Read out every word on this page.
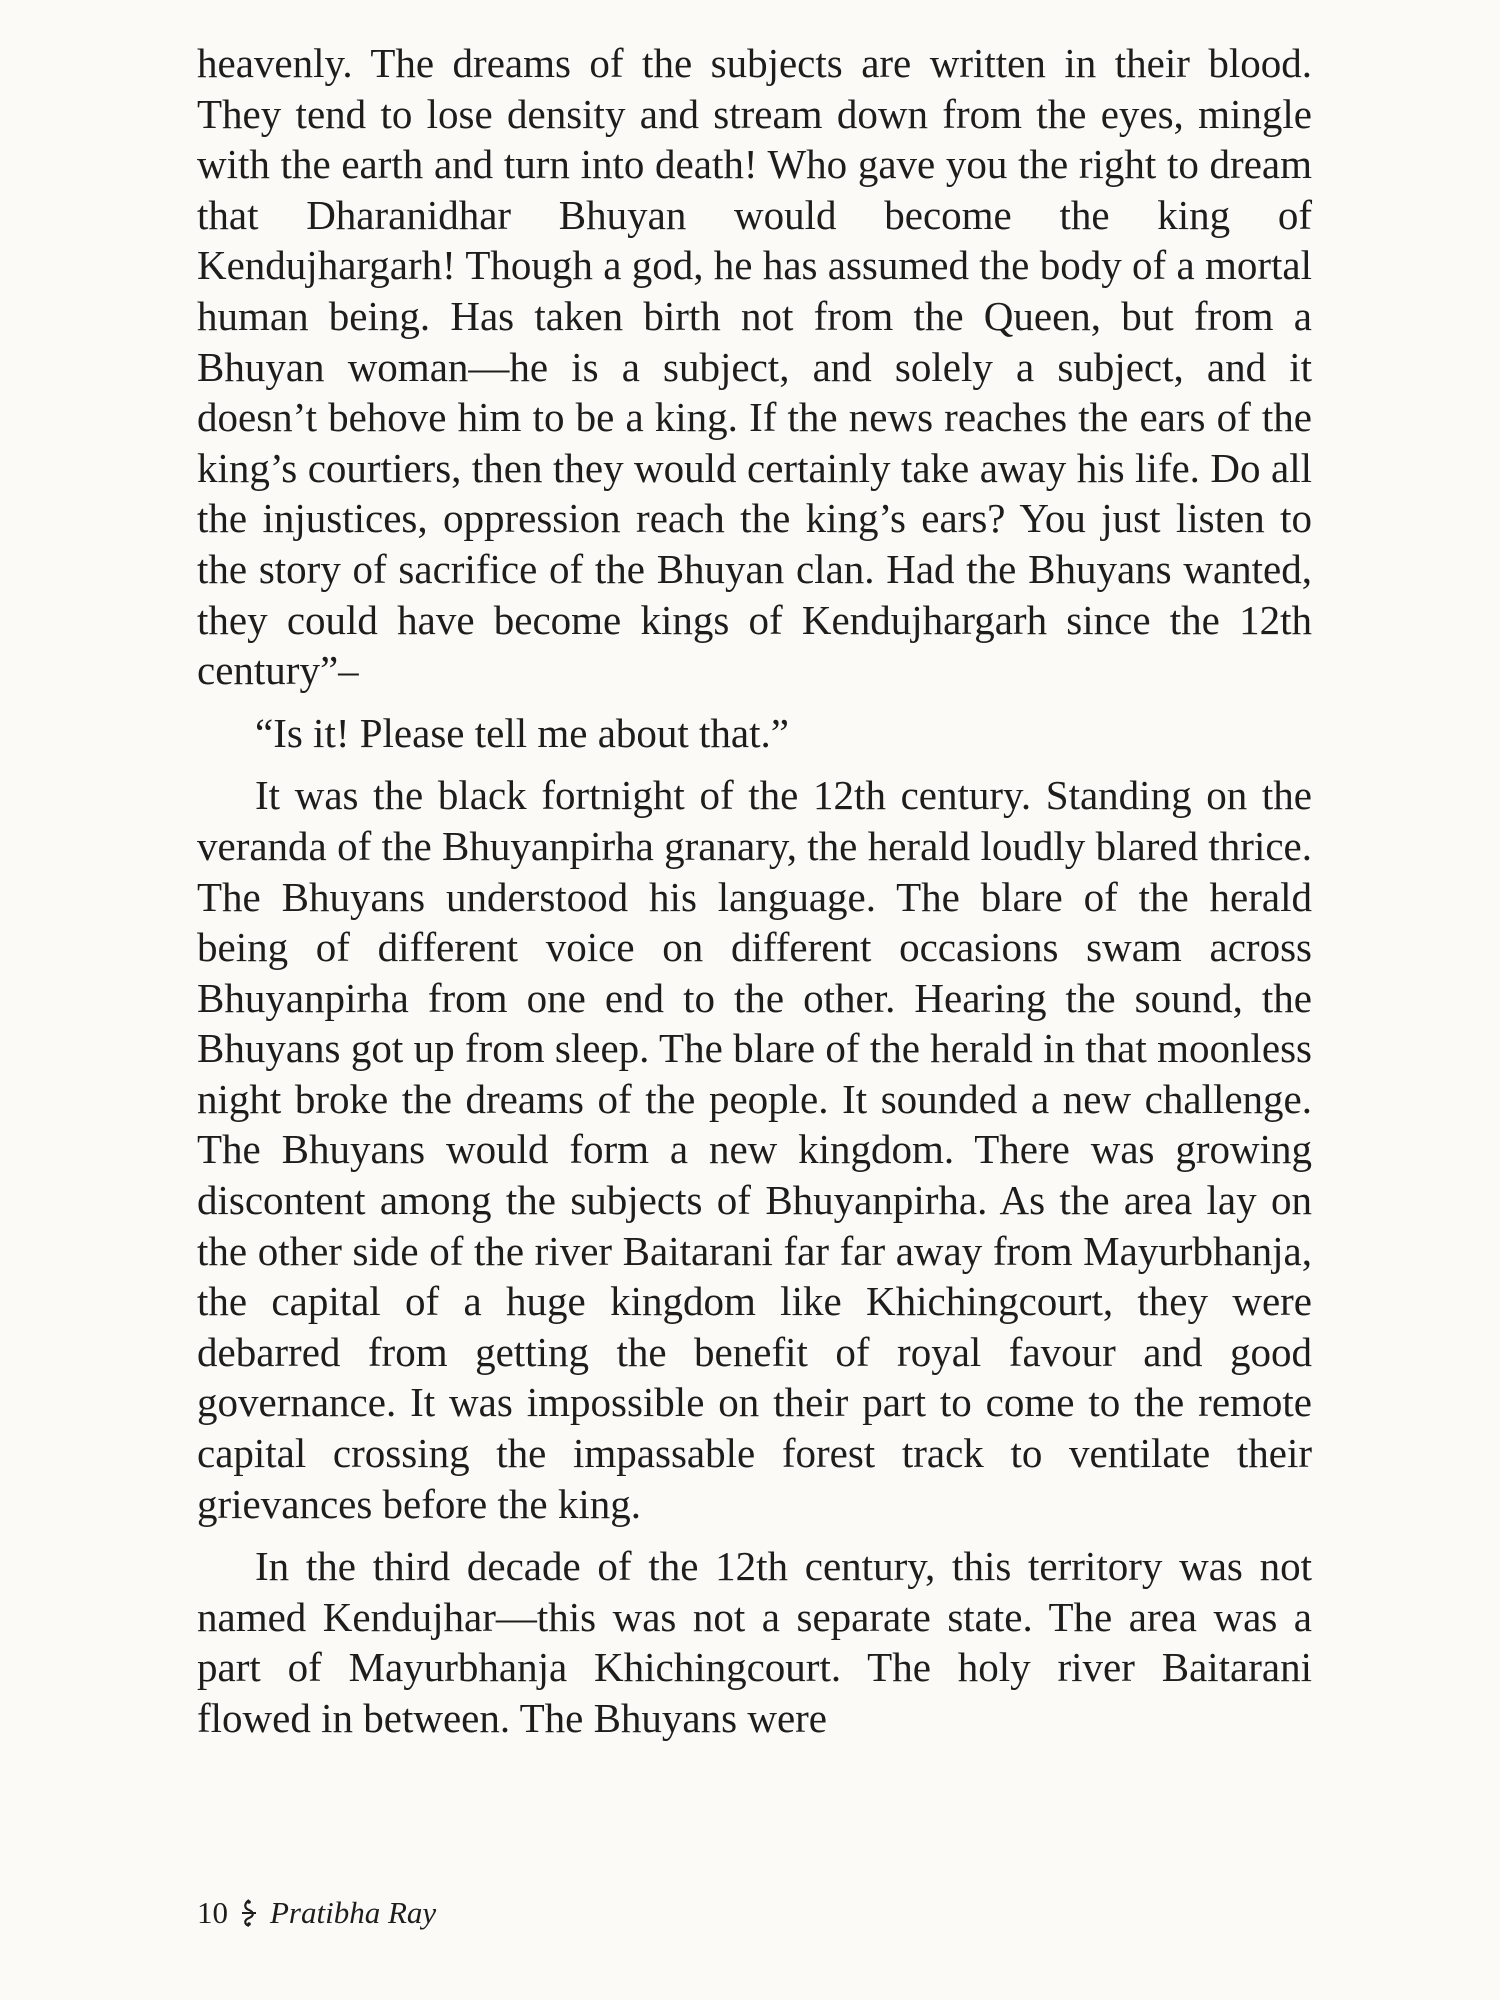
heavenly. The dreams of the subjects are written in their blood. They tend to lose density and stream down from the eyes, mingle with the earth and turn into death! Who gave you the right to dream that Dharanidhar Bhuyan would become the king of Kendujhargarh! Though a god, he has assumed the body of a mortal human being. Has taken birth not from the Queen, but from a Bhuyan woman—he is a subject, and solely a subject, and it doesn’t behove him to be a king. If the news reaches the ears of the king’s courtiers, then they would certainly take away his life. Do all the injustices, oppression reach the king’s ears? You just listen to the story of sacrifice of the Bhuyan clan. Had the Bhuyans wanted, they could have become kings of Kendujhargarh since the 12th century”–

“Is it! Please tell me about that.”

It was the black fortnight of the 12th century. Standing on the veranda of the Bhuyanpirha granary, the herald loudly blared thrice. The Bhuyans understood his language. The blare of the herald being of different voice on different occasions swam across Bhuyanpirha from one end to the other. Hearing the sound, the Bhuyans got up from sleep. The blare of the herald in that moonless night broke the dreams of the people. It sounded a new challenge. The Bhuyans would form a new kingdom. There was growing discontent among the subjects of Bhuyanpirha. As the area lay on the other side of the river Baitarani far far away from Mayurbhanja, the capital of a huge kingdom like Khichingcourt, they were debarred from getting the benefit of royal favour and good governance. It was impossible on their part to come to the remote capital crossing the impassable forest track to ventilate their grievances before the king.

In the third decade of the 12th century, this territory was not named Kendujhar—this was not a separate state. The area was a part of Mayurbhanja Khichingcourt. The holy river Baitarani flowed in between. The Bhuyans were

10 Pratibha Ray
